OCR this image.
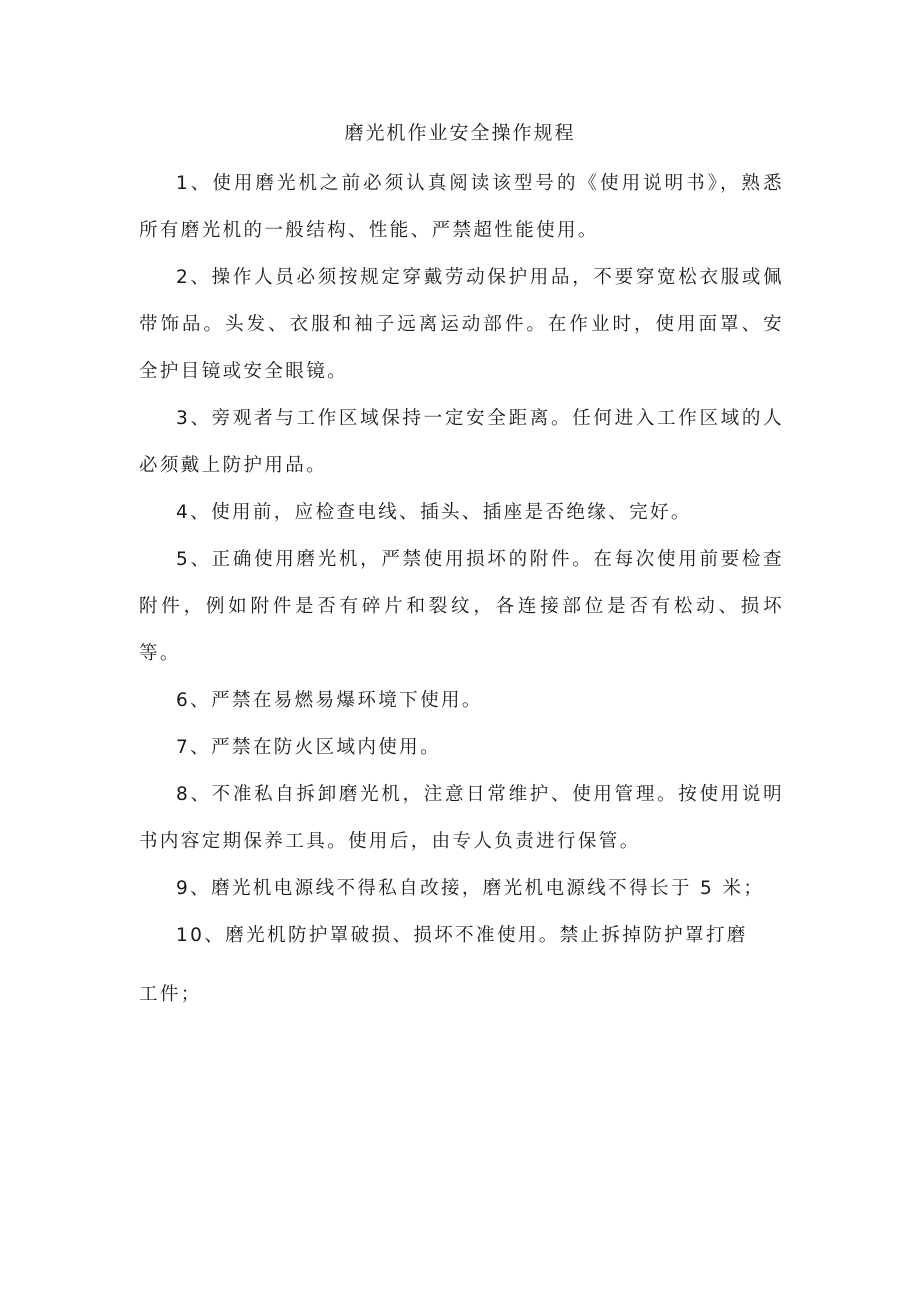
磨光机作业安全操作规程

1、使用磨光机之前必须认真阅读该型号的《使用说明书》，熟悉所有磨光机的一般结构、性能、严禁超性能使用。

2、操作人员必须按规定穿戴劳动保护用品，不要穿宽松衣服或佩带饰品。头发、衣服和袖子远离运动部件。在作业时，使用面罩、安全护目镜或安全眼镜。

3、旁观者与工作区域保持一定安全距离。任何进入工作区域的人必须戴上防护用品。

4、使用前，应检查电线、插头、插座是否绝缘、完好。

5、正确使用磨光机，严禁使用损坏的附件。在每次使用前要检查附件，例如附件是否有碎片和裂纹，各连接部位是否有松动、损坏等。

6、严禁在易燃易爆环境下使用。

7、严禁在防火区域内使用。

8、不准私自拆卸磨光机，注意日常维护、使用管理。按使用说明书内容定期保养工具。使用后，由专人负责进行保管。

9、磨光机电源线不得私自改接，磨光机电源线不得长于 5 米；

10、磨光机防护罩破损、损坏不准使用。禁止拆掉防护罩打磨

工件；
